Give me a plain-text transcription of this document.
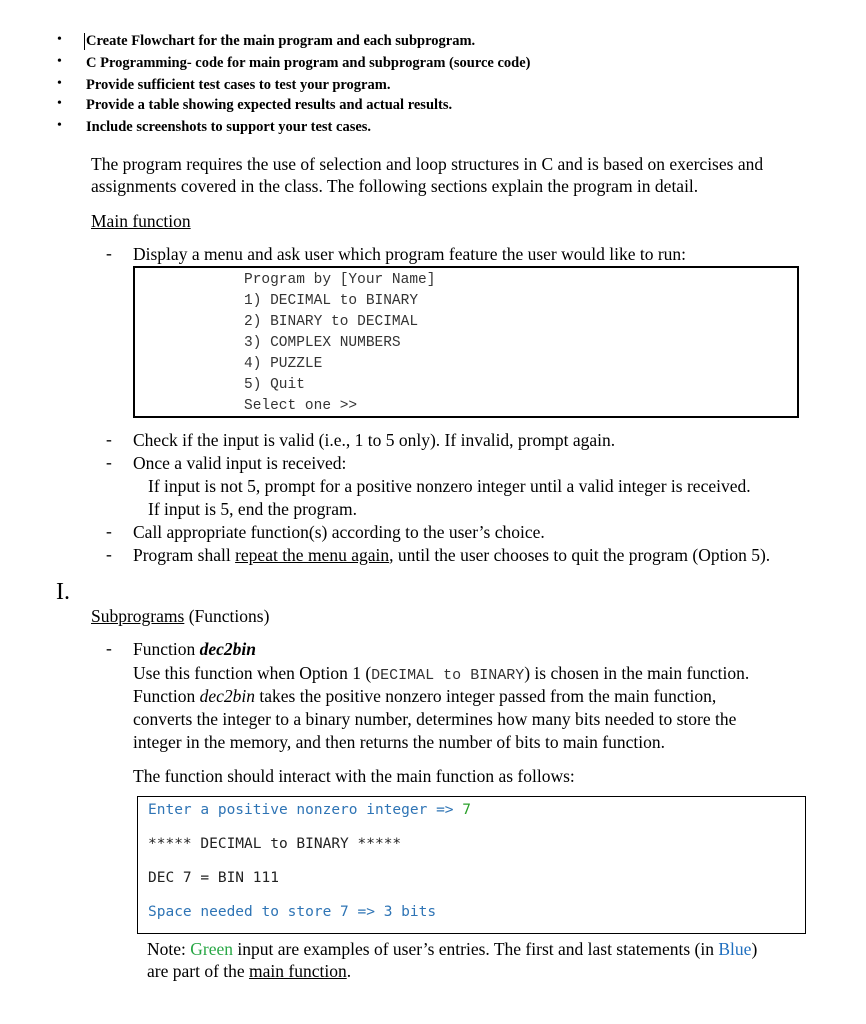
• Create Flowchart for the main program and each subprogram.
• C Programming- code for main program and subprogram (source code)
• Provide sufficient test cases to test your program.
• Provide a table showing expected results and actual results.
• Include screenshots to support your test cases.
The program requires the use of selection and loop structures in C and is based on exercises and
assignments covered in the class. The following sections explain the program in detail.
Main function
- Display a menu and ask user which program feature the user would like to run:
Program by [Your Name]
1) DECIMAL to BINARY
2) BINARY to DECIMAL
3) COMPLEX NUMBERS
4) PUZZLE
5) Quit
Select one >>
- Check if the input is valid (i.e., 1 to 5 only). If invalid, prompt again.
- Once a valid input is received:
If input is not 5, prompt for a positive nonzero integer until a valid integer is received.
If input is 5, end the program.
- Call appropriate function(s) according to the user’s choice.
- Program shall repeat the menu again, until the user chooses to quit the program (Option 5).
I.
Subprograms (Functions)
- Function dec2bin
Use this function when Option 1 (DECIMAL to BINARY) is chosen in the main function.
Function dec2bin takes the positive nonzero integer passed from the main function,
converts the integer to a binary number, determines how many bits needed to store the
integer in the memory, and then returns the number of bits to main function.
The function should interact with the main function as follows:
Enter a positive nonzero integer => 7
***** DECIMAL to BINARY *****
DEC 7 = BIN 111
Space needed to store 7 => 3 bits
Note: Green input are examples of user’s entries. The first and last statements (in Blue)
are part of the main function.
